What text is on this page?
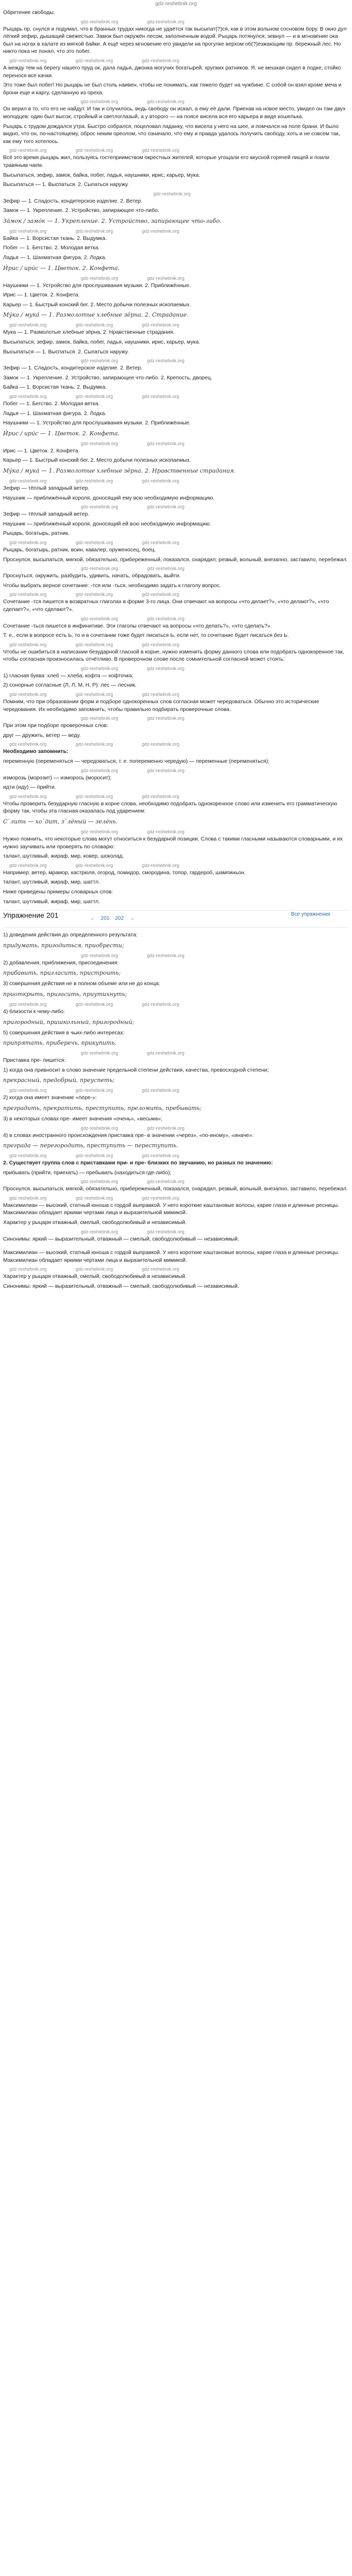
gdz-reshebnik.org

Обретение свободы.

gdz-reshebnik.org	gdz-reshebnik.org

Рыцарь пр. снулся и подумал, что в бранных трудах никогда не удаётся так высыпат(?)ся, как в этом вольном сосновом бору. В окно дул лёгкий зефир, дышащий свежестью. Замок был окружён лесом, заполненным водой. Рыцарь потянулся, зевнул — и в мгновение ока был на ногах в халате из мягкой байки. А ещё через мгновение его увидели на прогулке верхом об(?)езжающим пр. бережный лес. Но никто пока не понял, что это побег.

gdz-reshebnik.org	gdz-reshebnik.org	gdz-reshebnik.org

А между тем на берегу нашего пруд ок, дала ладья, джонка могучих богатырей, хрупких ратников. Я, не мешкая сидел в лодке, стойко перенося все качки.

Это тоже был побег! Но рыцарь не был столь наивен, чтобы не понимать, как тяжело будет на чужбине. С собой он взял кроме меча и брони еще и каргу, сделанную из ореха.

gdz-reshebnik.org	gdz-reshebnik.org

Он верил в то, что его не найдут. И так и случилось, ведь свободу он искал, а ему её дали. Приехав на новое место, увидел он там двух молодцев: один был высок, стройный и светлоглазый, а у второго — на поясе висела вся его карьера в виде кошелька.

Рыцарь с трудом дождался утра. Быстро собрался, поцеловал ладанку, что висела у него на шее, и помчался на поле брани. И было видно, что он, по-настоящему, оброс неким ореолом, что означало, что ему и правда удалось получить свободу, хоть и не совсем так, как ему того хотелось.

gdz-reshebnik.org	gdz-reshebnik.org	gdz-reshebnik.org

Всё это время рыцарь жил, пользуясь гостеприимством окрестных жителей, которые угощали его вкусной горячей пищей и поили травяным чаем.

Высыпаться, зефир, замок, байка, побег, ладья, наушники, ирис, карьер, мука.

Высыпаться — 1. Выспаться. 2. Сыпаться наружу.

gdz-reshebnik.org

Зефир — 1. Сладость, кондитерское изделие. 2. Ветер.

Замок — 1. Укрепление. 2. Устройство, запирающее что-либо.

За́мок / замо́к — 1. Укрепление. 2. Устройство, запирающее что-либо.

gdz-reshebnik.org	gdz-reshebnik.org	gdz-reshebnik.org

Байка — 1. Ворсистая ткань. 2. Выдумка.

Побег — 1. Бегство. 2. Молодая ветка.

Ладья — 1. Шахматная фигура. 2. Лодка.

И́рис / ири́с — 1. Цветок. 2. Конфета.

gdz-reshebnik.org	gdz-reshebnik.org

Наушники — 1. Устройство для прослушивания музыки. 2. Приближённые.

Ирис — 1. Цветок. 2. Конфета.

Карьер — 1. Быстрый конский бег. 2. Место добычи полезных ископаемых.

Му́ка / мука́ — 1. Размолотые хлебные зёрна. 2. Страдание.

gdz-reshebnik.org	gdz-reshebnik.org	gdz-reshebnik.org

Мука — 1. Размолотые хлебные зёрна. 2. Нравственные страдания.

Высыпаться, зефир, замок, байка, побег, ладья, наушники, ирис, карьер, мука.

Высыпаться — 1. Выспаться. 2. Сыпаться наружу.

gdz-reshebnik.org	gdz-reshebnik.org

Зефир — 1. Сладость, кондитерское изделие. 2. Ветер.

Замок — 1. Укрепление. 2. Устройство, запирающее что-либо. 2. Крепость, дворец.

Байка — 1. Ворсистая ткань. 2. Выдумка.

gdz-reshebnik.org	gdz-reshebnik.org	gdz-reshebnik.org

Побег — 1. Бегство. 2. Молодая ветка.

Ладья — 1. Шахматная фигура. 2. Лодка.

Наушники — 1. Устройство для прослушивания музыки. 2. Приближённые.

И́рис / ири́с — 1. Цветок. 2. Конфета.

gdz-reshebnik.org	gdz-reshebnik.org

Ирис — 1. Цветок. 2. Конфета.

Карьер — 1. Быстрый конский бег. 2. Место добычи полезных ископаемых.

Му́ка / мука́ — 1. Размолотые хлебные зёрна. 2. Нравственные страдания.

gdz-reshebnik.org	gdz-reshebnik.org	gdz-reshebnik.org

Зефир — тёплый западный ветер.

Наушник — приближённый короля, доносящий ему всю необходимую информацию.

gdz-reshebnik.org	gdz-reshebnik.org

Зефир — тёплый западный ветер.

Наушник — приближённый короля, доносящий ей всю необходимую информацию.

Рыцарь, богатырь, ратник.

gdz-reshebnik.org	gdz-reshebnik.org	gdz-reshebnik.org

Рыцарь, богатырь, ратник, воин, кавалер, оруженосец, боец.

Проснулся, высыпаться, мягкой, обязательно, прибереженный, показался, снарядил, резвый, вольный, внезапно, заставило, перебежал.

gdz-reshebnik.org	gdz-reshebnik.org

Проснуться, окружить, разбудить, удивить, начать, обрадовать, выйти.

Чтобы выбрать верное сочетание: -тся или -ться, необходимо задать к глаголу вопрос.

gdz-reshebnik.org	gdz-reshebnik.org	gdz-reshebnik.org

Сочетание -тся пишется в возвратных глаголах в форме 3-го лица. Они отвечают на вопросы «что делает?», «что делают?», «что сделает?», «что сделают?».

gdz-reshebnik.org	gdz-reshebnik.org

Сочетание -ться пишется в инфинитиве. Эти глаголы отвечают на вопросы «что делать?», «что сделать?».

Т. е., если в вопросе есть Ь, то и в сочетании тоже будет писаться Ь, если нет, то сочетание будет писаться без Ь.

gdz-reshebnik.org	gdz-reshebnik.org	gdz-reshebnik.org

Чтобы не ошибиться в написании безударной гласной в корне, нужно изменить форму данного слова или подобрать однокоренное так, чтобы согласная произносилась отчётливо. В проверочном слове после сомнительной согласной может стоять:

gdz-reshebnik.org	gdz-reshebnik.org

1) гласная буква: хлеб — хлеба, кофта — кофточка;

2) сонорные согласные (Л, Л, М, Н, Р): лес — лесник.

gdz-reshebnik.org	gdz-reshebnik.org	gdz-reshebnik.org

Помним, что при образовании форм и подборе однокоренных слов согласная может чередоваться. Обычно это исторические чередования. Их необходимо запомнить, чтобы правильно подбирать проверочные слова.

gdz-reshebnik.org	gdz-reshebnik.org

При этом при подборе проверочных слов:

друг — дружить, ветер — веду.

gdz-reshebnik.org	gdz-reshebnik.org	gdz-reshebnik.org

Необходимо запомнить:

переменную (переменяться — чередоваться, т. е. попеременно чередую) — переменные (переменяться);

gdz-reshebnik.org	gdz-reshebnik.org

изморозь (морозит) — изморось (моросит);

идти (иду) — прийти.

gdz-reshebnik.org	gdz-reshebnik.org	gdz-reshebnik.org

Чтобы проверить безударную гласную в корне слова, необходимо подобрать однокоренное слово или изменить его грамматическую форму так, чтобы эта гласная оказалась под ударением:

С`лить — хо`дит, з`лёный — зеле́нь.

gdz-reshebnik.org	gdz-reshebnik.org

Нужно помнить, что некоторые слова могут относиться к безударной позиции. Слова с такими гласными называются словарными, и их нужно заучивать или проверять по словарю:

талант, шутливый, жираф, мир, ковер, шоколад.

gdz-reshebnik.org	gdz-reshebnik.org	gdz-reshebnik.org

Например: ветер, мрамор, кастрюля, огород, помидор, смородина, топор, гардероб, шампиньон.

талант, шутливый, жираф, мир, шаттл.

Ниже приведены примеры словарных слов:

талант, шутливый, жираф, мир, шаттл.

Упражнение 201	← 201 202 →
Все упражнения

1) доведения действия до определенного результата:

придумать, пригодиться, приобрести;

gdz-reshebnik.org	gdz-reshebnik.org

2) добавления, приближения, присоединения:

прибавить, пригласить, пристроить;

3) совершения действия не в полном объеме или не до конца:

приоткрыть, пригасить, приутихнуть;

gdz-reshebnik.org	gdz-reshebnik.org	gdz-reshebnik.org

4) близости к чему-либо:

пригородный, пришкольный, пригородный;

5) совершения действия в чьих-либо интересах:

припрятать, приберечь, прикупить.

gdz-reshebnik.org	gdz-reshebnik.org

Приставка пре- пишется:

1) когда она привносит в слово значение предельной степени действия, качества, превосходной степени;

прекрасный, предобрый, преуспеть;

gdz-reshebnik.org	gdz-reshebnik.org	gdz-reshebnik.org

2) когда она имеет значение «пере-»:

преградить, прекратить, преступить, преломить, пребывать;

3) в некоторых словах пре- имеет значения «очень», «весьма»;

gdz-reshebnik.org	gdz-reshebnik.org

4) в словах иностранного происхождения приставка пре- в значении «через», «по-иному», «иначе»:

преграда — перегородить, преступить — переступить.

gdz-reshebnik.org	gdz-reshebnik.org	gdz-reshebnik.org

2. Существует группа слов с приставками при- и пре- близких по звучанию, но разных по значению:

прибывать (прийти, приехать) — пребывать (находиться где-либо);

gdz-reshebnik.org	gdz-reshebnik.org

Проснулся, высыпаться, мягкой, обязательно, прибереженный, показался, снарядил, резвый, вольный, внезапно, заставило, перебежал.

gdz-reshebnik.org	gdz-reshebnik.org	gdz-reshebnik.org

Максимилиан — высокий, статный юноша с гордой выправкой. У него короткие каштановые волосы, карие глаза и длинные ресницы. Максимилиан обладает яркими чертами лица и выразительной мимикой.

Характер у рыцаря отважный, смелый, свободолюбивый и независимый.

gdz-reshebnik.org	gdz-reshebnik.org

Синонимы: яркий — выразительный, отважный — смелый, свободолюбивый — независимый.

Максимилиан — высокий, статный юноша с гордой выправкой. У него короткие каштановые волосы, карие глаза и длинные ресницы. Максимилиан обладает яркими чертами лица и выразительной мимикой.

gdz-reshebnik.org	gdz-reshebnik.org	gdz-reshebnik.org

Характер у рыцаря отважный, смелый, свободолюбивый и независимый.

Синонимы: яркий — выразительный, отважный — смелый, свободолюбивый — независимый.
